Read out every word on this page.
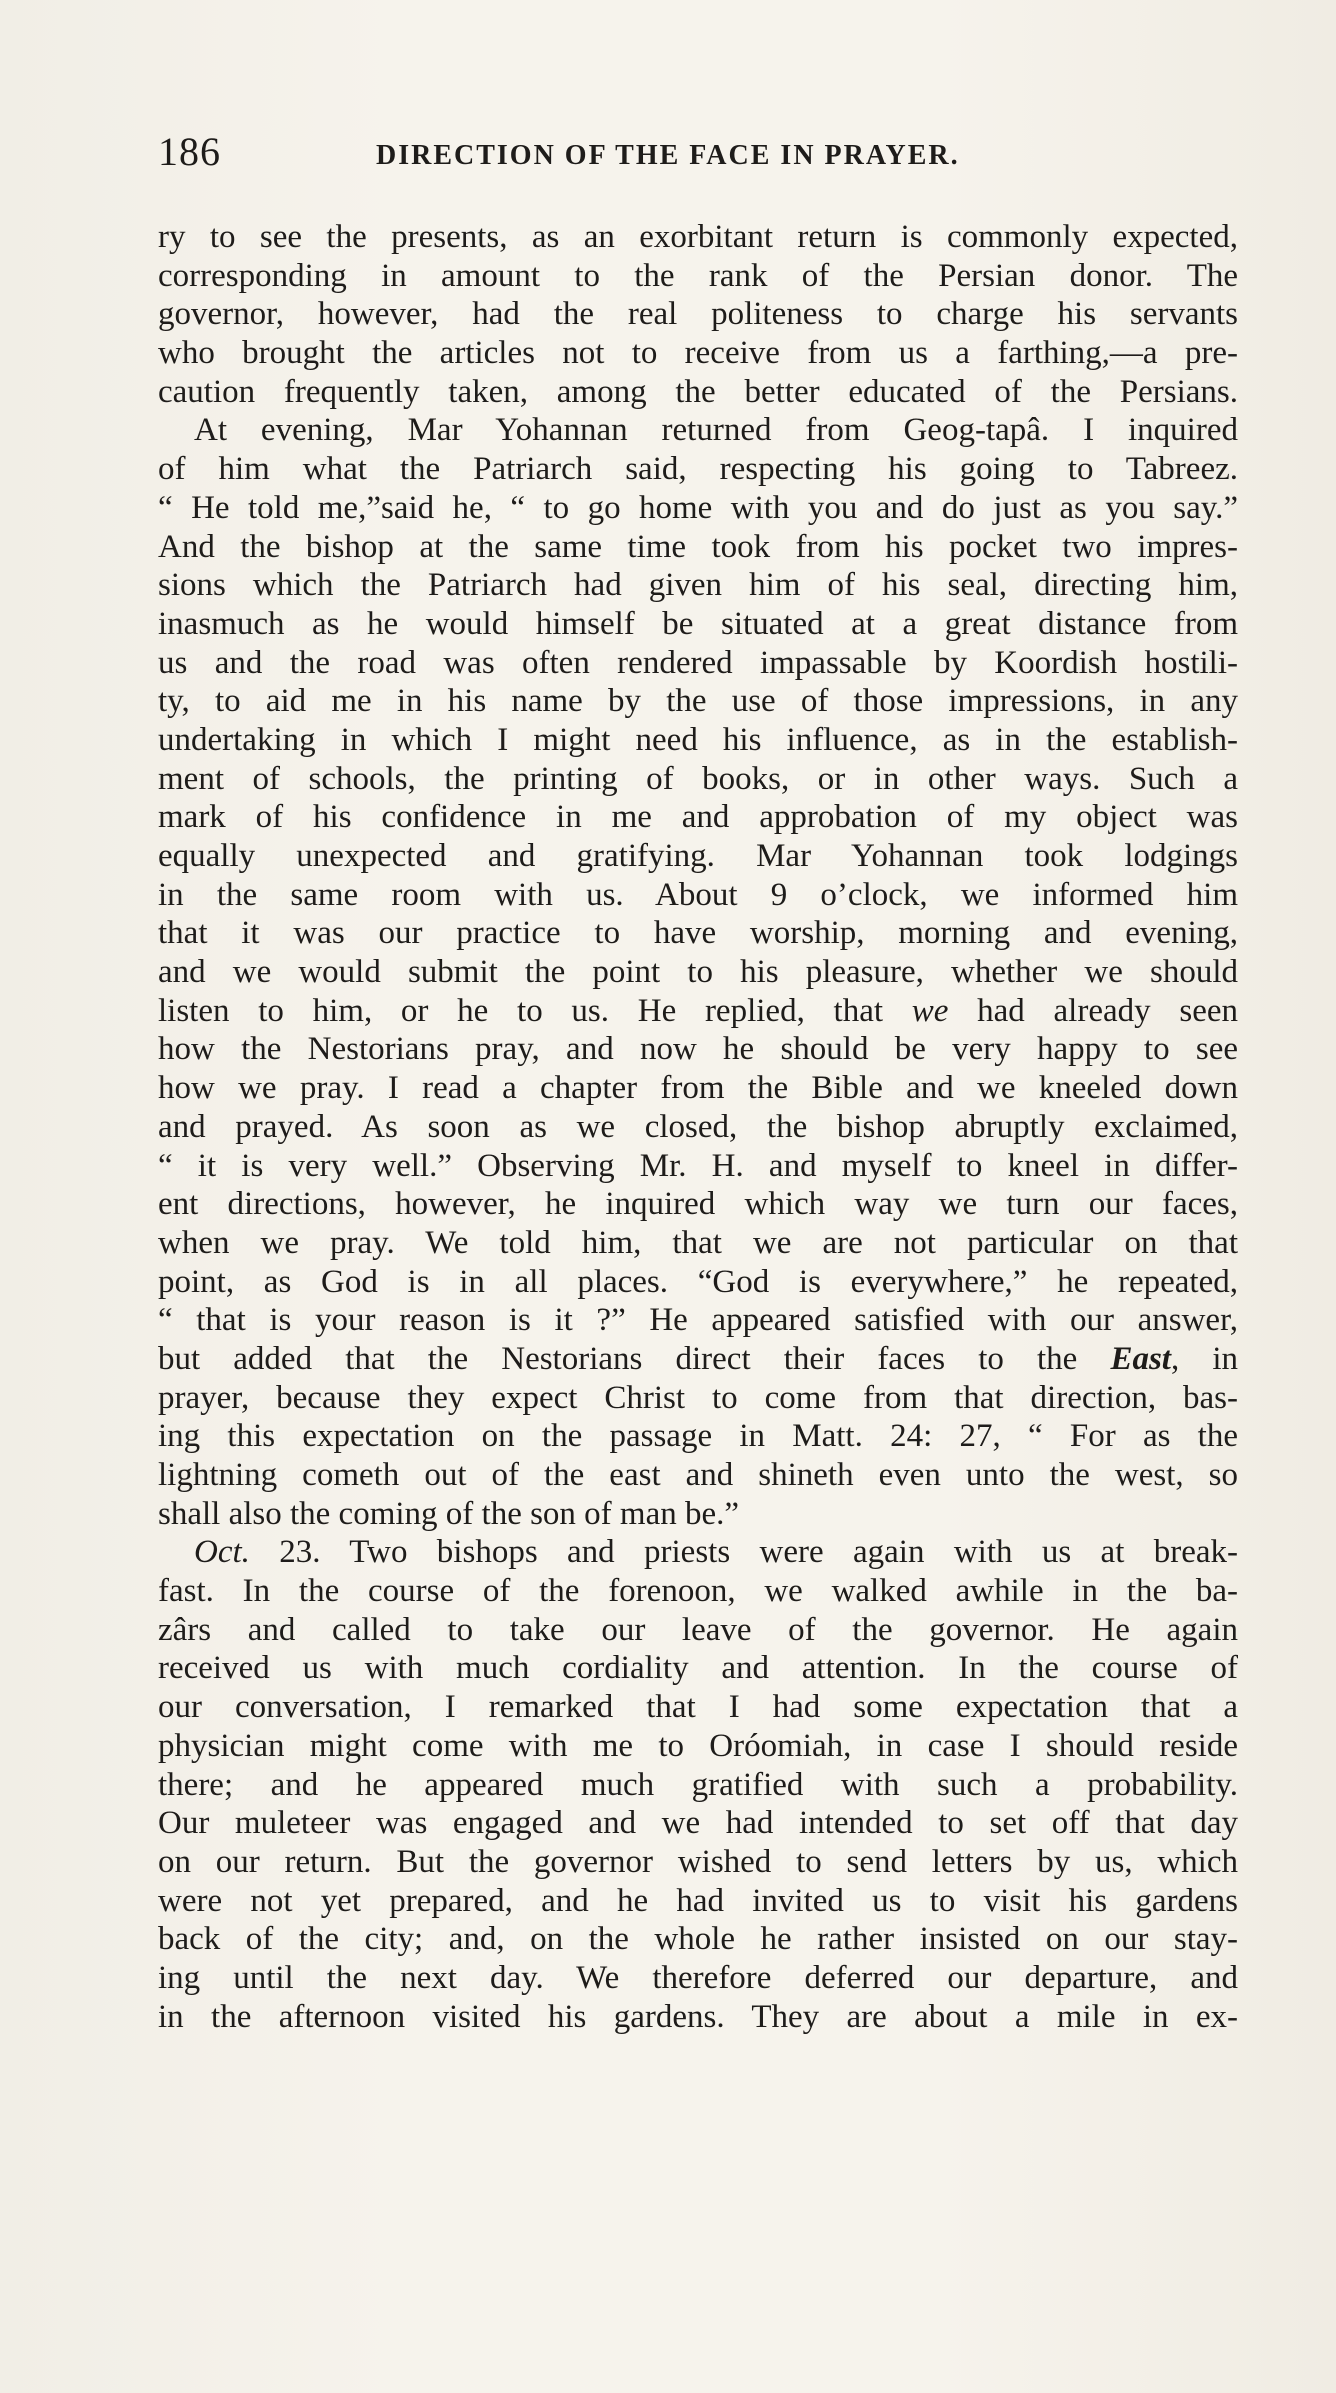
186	DIRECTION OF THE FACE IN PRAYER.
ry to see the presents, as an exorbitant return is commonly expected,
corresponding in amount to the rank of the Persian donor. The
governor, however, had the real politeness to charge his servants
who brought the articles not to receive from us a farthing,—a pre-
caution frequently taken, among the better educated of the Persians.
At evening, Mar Yohannan returned from Geog-tapâ. I inquired
of him what the Patriarch said, respecting his going to Tabreez.
“ He told me,”said he, “ to go home with you and do just as you say.”
And the bishop at the same time took from his pocket two impres-
sions which the Patriarch had given him of his seal, directing him,
inasmuch as he would himself be situated at a great distance from
us and the road was often rendered impassable by Koordish hostili-
ty, to aid me in his name by the use of those impressions, in any
undertaking in which I might need his influence, as in the establish-
ment of schools, the printing of books, or in other ways. Such a
mark of his confidence in me and approbation of my object was
equally unexpected and gratifying. Mar Yohannan took lodgings
in the same room with us. About 9 o’clock, we informed him
that it was our practice to have worship, morning and evening,
and we would submit the point to his pleasure, whether we should
listen to him, or he to us. He replied, that we had already seen
how the Nestorians pray, and now he should be very happy to see
how we pray. I read a chapter from the Bible and we kneeled down
and prayed. As soon as we closed, the bishop abruptly exclaimed,
“ it is very well.” Observing Mr. H. and myself to kneel in differ-
ent directions, however, he inquired which way we turn our faces,
when we pray. We told him, that we are not particular on that
point, as God is in all places. “God is everywhere,” he repeated,
“ that is your reason is it ?” He appeared satisfied with our answer,
but added that the Nestorians direct their faces to the East, in
prayer, because they expect Christ to come from that direction, bas-
ing this expectation on the passage in Matt. 24: 27, “ For as the
lightning cometh out of the east and shineth even unto the west, so
shall also the coming of the son of man be.”
Oct. 23. Two bishops and priests were again with us at break-
fast. In the course of the forenoon, we walked awhile in the ba-
zârs and called to take our leave of the governor. He again
received us with much cordiality and attention. In the course of
our conversation, I remarked that I had some expectation that a
physician might come with me to Oróomiah, in case I should reside
there; and he appeared much gratified with such a probability.
Our muleteer was engaged and we had intended to set off that day
on our return. But the governor wished to send letters by us, which
were not yet prepared, and he had invited us to visit his gardens
back of the city; and, on the whole he rather insisted on our stay-
ing until the next day. We therefore deferred our departure, and
in the afternoon visited his gardens. They are about a mile in ex-
